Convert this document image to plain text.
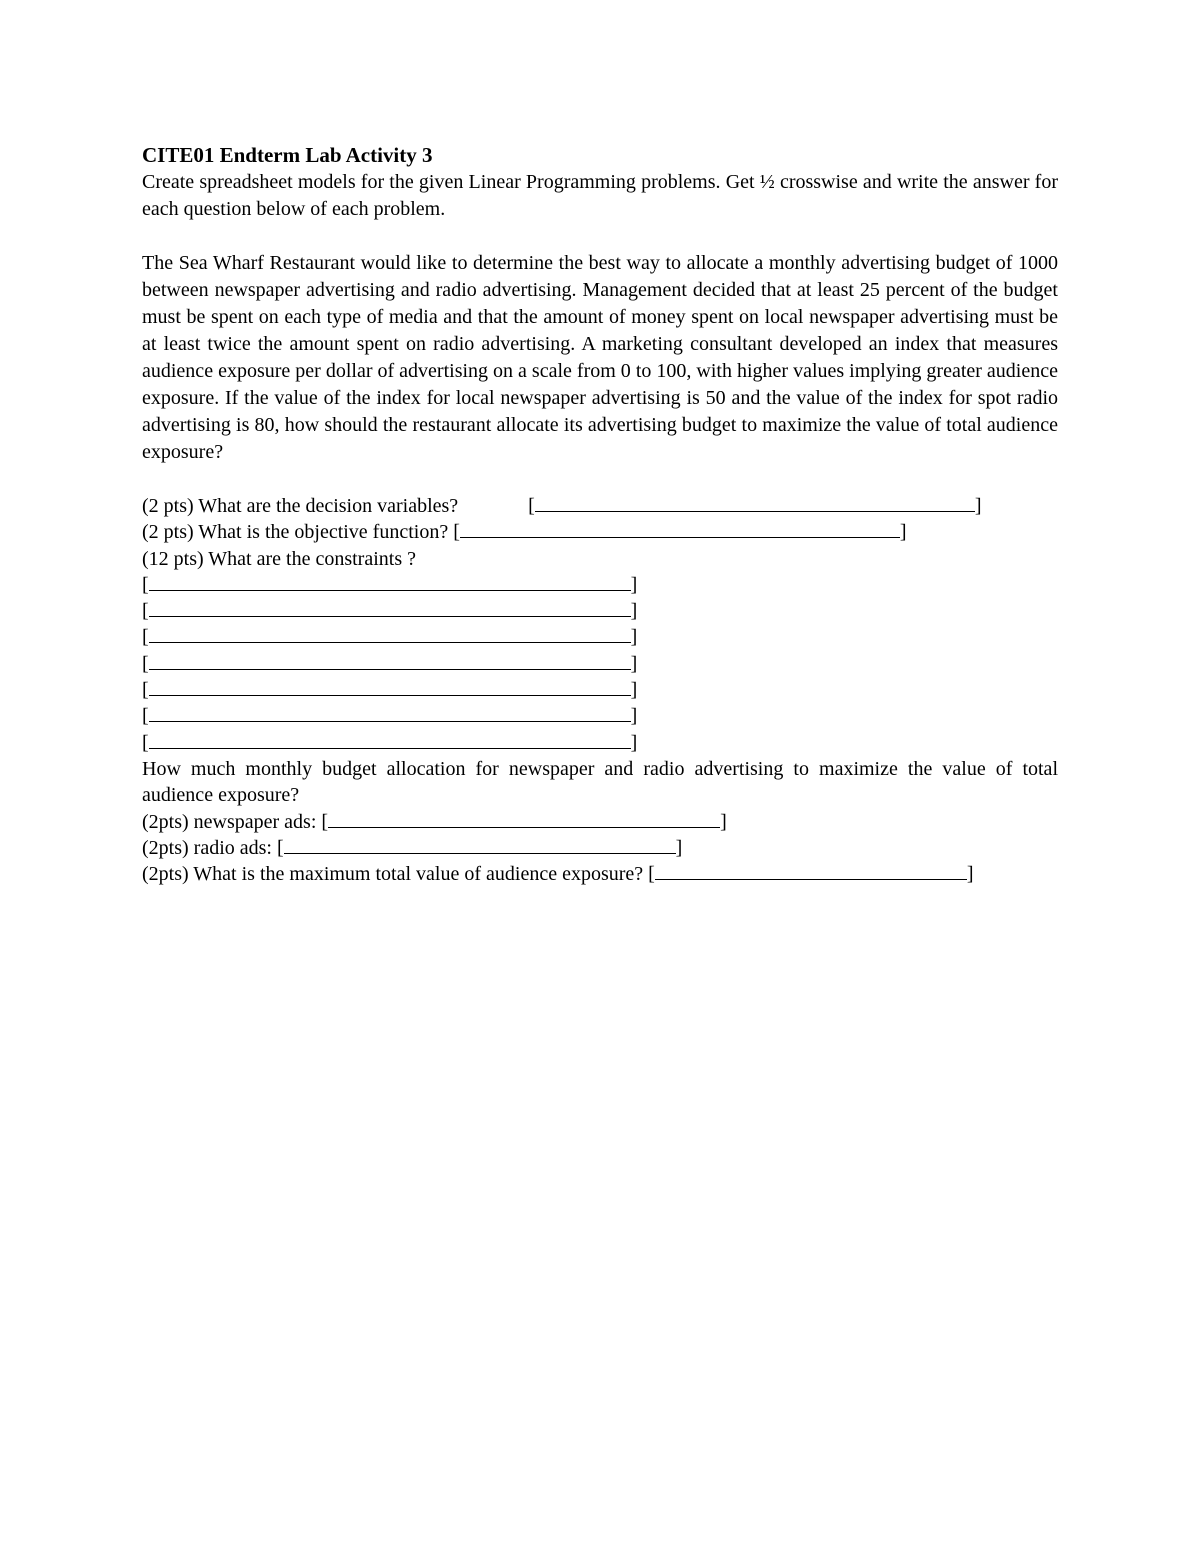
CITE01 Endterm Lab Activity 3

Create spreadsheet models for the given Linear Programming problems. Get ½ crosswise and write the answer for each question below of each problem.

The Sea Wharf Restaurant would like to determine the best way to allocate a monthly advertising budget of 1000 between newspaper advertising and radio advertising. Management decided that at least 25 percent of the budget must be spent on each type of media and that the amount of money spent on local newspaper advertising must be at least twice the amount spent on radio advertising. A marketing consultant developed an index that measures audience exposure per dollar of advertising on a scale from 0 to 100, with higher values implying greater audience exposure. If the value of the index for local newspaper advertising is 50 and the value of the index for spot radio advertising is 80, how should the restaurant allocate its advertising budget to maximize the value of total audience exposure?

(2 pts) What are the decision variables?	[	]

(2 pts) What is the objective function? [	]

(12 pts) What are the constraints ?

[	]

[	]

[	]

[	]

[	]

[	]

[	]

How much monthly budget allocation for newspaper and radio advertising to maximize the value of total audience exposure?

(2pts) newspaper ads: [	]

(2pts) radio ads: [	]

(2pts) What is the maximum total value of audience exposure? [	]
